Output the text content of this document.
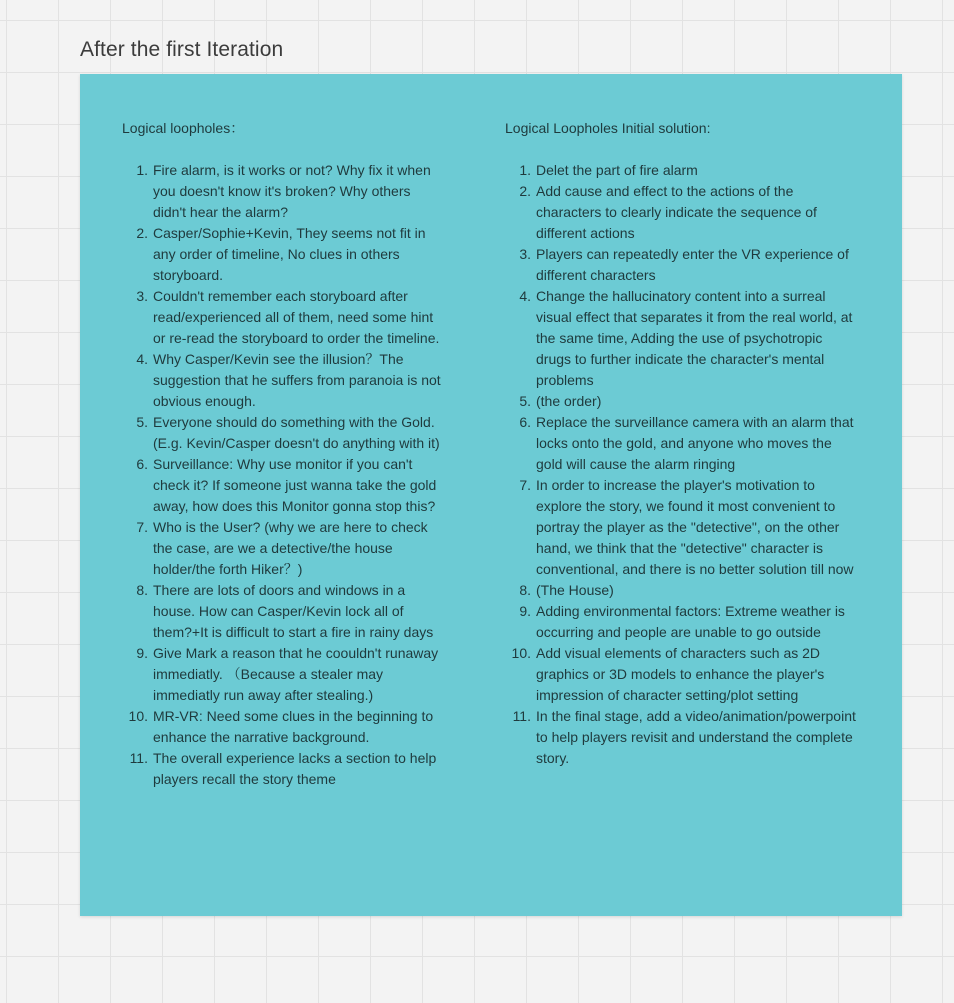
After the first Iteration
Logical loopholes：
1. Fire alarm, is it works or not? Why fix it when you doesn't know it's broken? Why others didn't hear the alarm?
2. Casper/Sophie+Kevin, They seems not fit in any order of timeline, No clues in others storyboard.
3. Couldn't remember each storyboard after read/experienced all of them, need some hint or re-read the storyboard to order the timeline.
4. Why Casper/Kevin see the illusion？The suggestion that he suffers from paranoia is not obvious enough.
5. Everyone should do something with the Gold.(E.g. Kevin/Casper doesn't do anything with it)
6. Surveillance: Why use monitor if you can't check it? If someone just wanna take the gold away, how does this Monitor gonna stop this?
7. Who is the User? (why we are here to check the case, are we a detective/the house holder/the forth Hiker？)
8. There are lots of doors and windows in a house. How can Casper/Kevin lock all of them?+It is difficult to start a fire in rainy days
9. Give Mark a reason that he coouldn't runaway immediatly. （Because a stealer may immediatly run away after stealing.)
10. MR-VR: Need some clues in the beginning to enhance the narrative background.
11. The overall experience lacks a section to help players recall the story theme
Logical Loopholes Initial solution:
1. Delet the part of fire alarm
2. Add cause and effect to the actions of the characters to clearly indicate the sequence of different actions
3. Players can repeatedly enter the VR experience of different characters
4. Change the hallucinatory content into a surreal visual effect that separates it from the real world, at the same time, Adding the use of psychotropic drugs to further indicate the character's mental problems
5. (the order)
6. Replace the surveillance camera with an alarm that locks onto the gold, and anyone who moves the gold will cause the alarm ringing
7. In order to increase the player's motivation to explore the story, we found it most convenient to portray the player as the "detective", on the other hand, we think that the "detective" character is conventional, and there is no better solution till now
8. (The House)
9. Adding environmental factors: Extreme weather is occurring and people are unable to go outside
10. Add visual elements of characters such as 2D graphics or 3D models to enhance the player's impression of character setting/plot setting
11. In the final stage, add a video/animation/powerpoint to help players revisit and understand the complete story.
